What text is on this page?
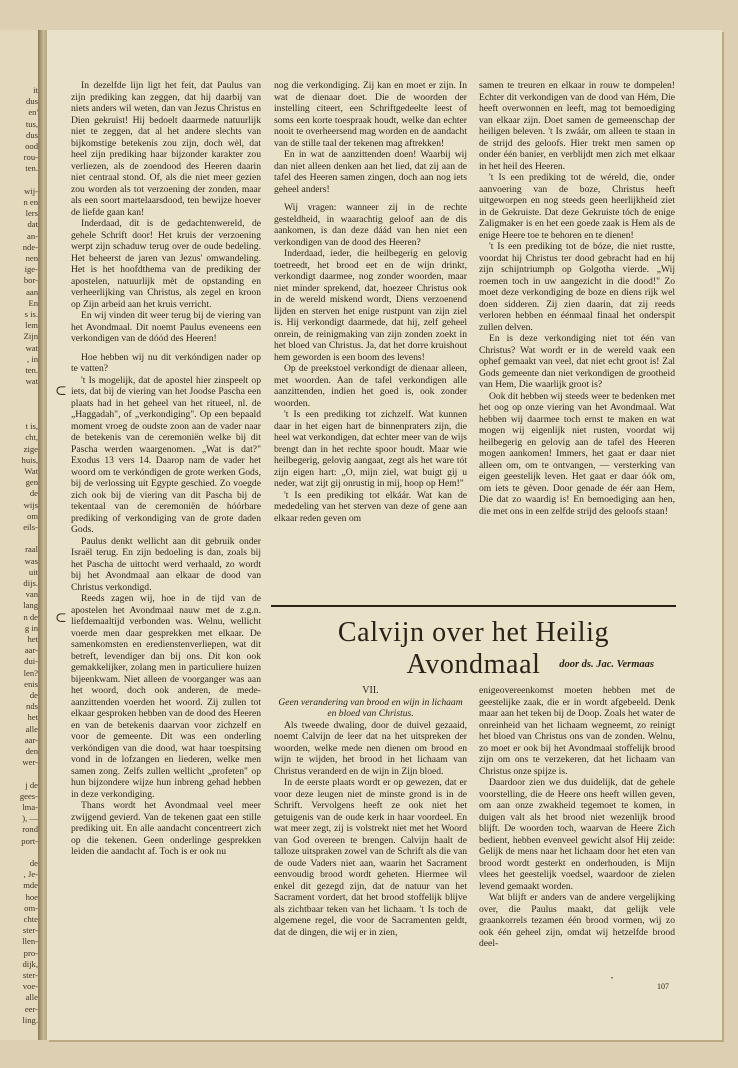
it
dus
en'
tus,
dus
ood
rou-
ten.

wij-
n en
lers
dat
an-
nde-
nen
ige-
bor-
aan
En
s is.
lem
Zijn
wat
, in
ten.
wat

t is,
cht,
zige
huis,
Wat
gen
de
wijs
om
eils-

raal
was
uit
dijs.
van
lang
n de
g in
het
aar-
dui-
len?
enis
de
nds
het
alle
aar-
den
wer-

j de
gees-
lma-
), —
rond
port-

de
, Je-
mde
hoe
om-
chte
ster-
llen-
pro-
dijk,
ster-
voe-
alle
eer-
ling.
⊂
⊂

In dezelfde lijn ligt het feit, dat Paulus van zijn prediking kan zeggen, dat hij daarbij van niets anders wil weten, dan van Jezus Christus en Dien gekruist! Hij bedoelt daarmede natuurlijk niet te zeggen, dat al het andere slechts van bijkomstige betekenis zou zijn, doch wèl, dat heel zijn prediking haar bijzonder karakter zou verliezen, als de zoendood des Heeren daarin niet centraal stond. Of, als die niet meer gezien zou worden als tot verzoening der zonden, maar als een soort martelaarsdood, ten bewijze hoever de liefde gaan kan!

Inderdaad, dit is de gedachtenwereld, de gehele Schrift door! Het kruis der verzoening werpt zijn schaduw terug over de oude bedeling. Het beheerst de jaren van Jezus' omwandeling. Het is het hoofdthema van de prediking der apostelen, natuurlijk mèt de opstanding en verheerlijking van Christus, als zegel en kroon op Zijn arbeid aan het kruis verricht.

En wij vinden dit weer terug bij de viering van het Avondmaal. Dit noemt Paulus eveneens een verkondigen van de dóód des Heeren!

Hoe hebben wij nu dit verkóndigen nader op te vatten?

't Is mogelijk, dat de apostel hier zinspeelt op iets, dat bij de viering van het Joodse Pascha een plaats had in het geheel van het ritueel, nl. de „Haggadah", of „verkondiging". Op een bepaald moment vroeg de oudste zoon aan de vader naar de betekenis van de ceremoniën welke bij dit Pascha werden waargenomen. „Wat is dat?" Exodus 13 vers 14. Daarop nam de vader het woord om te verkóndigen de grote werken Gods, bij de verlossing uit Egypte geschied. Zo voegde zich ook bij de viering van dit Pascha bij de tekentaal van de ceremoniën de hóórbare prediking of verkondiging van de grote daden Gods.

Paulus denkt wellicht aan dit gebruik onder Israël terug. En zijn bedoeling is dan, zoals bij het Pascha de uittocht werd verhaald, zo wordt bij het Avondmaal aan elkaar de dood van Christus verkondigd.

Reeds zagen wij, hoe in de tijd van de apostelen het Avondmaal nauw met de z.g.n. liefdemaaltijd verbonden was. Welnu, wellicht voerde men daar gesprekken met elkaar. De samenkomsten en eredienstenverliepen, wat dit betreft, levendiger dan bij ons. Dit kon ook gemakkelijker, zolang men in particuliere huizen bijeenkwam. Niet alleen de voorganger was aan het woord, doch ook anderen, de mede-aanzittenden voerden het woord. Zij zullen tot elkaar gesproken hebben van de dood des Heeren en van de betekenis daarvan voor zichzelf en voor de gemeente. Dit was een onderling verkóndigen van die dood, wat haar toespitsing vond in de lofzangen en liederen, welke men samen zong. Zelfs zullen wellicht „profeten" op hun bijzondere wijze hun inbreng gehad hebben in deze verkondiging.

Thans wordt het Avondmaal veel meer zwijgend gevierd. Van de tekenen gaat een stille prediking uit. En alle aandacht concentreert zich op die tekenen. Geen onderlinge gesprekken leiden die aandacht af. Toch is er ook nu

nog die verkondiging. Zij kan en moet er zijn. In wat de dienaar doet. Die de woorden der instelling citeert, een Schriftgedeelte leest of soms een korte toespraak houdt, welke dan echter nooit te overheersend mag worden en de aandacht van de stille taal der tekenen mag aftrekken!

En in wat de aanzittenden doen! Waarbij wij dan niet alleen denken aan het lied, dat zij aan de tafel des Heeren samen zingen, doch aan nog iets geheel anders!

Wij vragen: wanneer zij in de rechte gesteldheid, in waarachtig geloof aan de dis aankomen, is dan deze dáád van hen niet een verkondigen van de dood des Heeren?

Inderdaad, ieder, die heilbegerig en gelovig toetreedt, het brood eet en de wijn drinkt, verkondigt daarmee, nog zonder woorden, maar niet minder sprekend, dat, hoezeer Christus ook in de wereld miskend wordt, Diens verzoenend lijden en sterven het enige rustpunt van zijn ziel is. Hij verkondigt daarmede, dat hij, zelf geheel onrein, de reinigmaking van zijn zonden zoekt in het bloed van Christus. Ja, dat het dorre kruishout hem geworden is een boom des levens!

Op de preekstoel verkondigt de dienaar alleen, met woorden. Aan de tafel verkondigen alle aanzittenden, indien het goed is, ook zonder woorden.

't Is een prediking tot zichzelf. Wat kunnen daar in het eigen hart de binnenpraters zijn, die heel wat verkondigen, dat echter meer van de wijs brengt dan in het rechte spoor houdt. Maar wie heilbegerig, gelovig aangaat, zegt als het ware tót zijn eigen hart: „O, mijn ziel, wat buigt gij u neder, wat zijt gij onrustig in mij, hoop op Hem!"

't Is een prediking tot elkáár. Wat kan de mededeling van het sterven van deze of gene aan elkaar reden geven om

samen te treuren en elkaar in rouw te dompelen! Echter dit verkondigen van de dood van Hém, Die heeft overwonnen en leeft, mag tot bemoediging van elkaar zijn. Doet samen de gemeenschap der heiligen beleven. 't Is zwáár, om alleen te staan in de strijd des geloofs. Hier trekt men samen op onder één banier, en verblijdt men zich met elkaar in het heil des Heeren.

't Is een prediking tot de wéreld, die, onder aanvoering van de boze, Christus heeft uitgeworpen en nog steeds geen heerlijkheid ziet in de Gekruiste. Dat deze Gekruiste tóch de enige Zaligmaker is en het een goede zaak is Hem als de enige Heere toe te behoren en te dienen!

't Is een prediking tot de bóze, die niet rustte, voordat hij Christus ter dood gebracht had en hij zijn schijntriumph op Golgotha vierde. „Wij roemen toch in uw aangezicht in die dood!" Zo moet deze verkondiging de boze en diens rijk wel doen sidderen. Zij zien daarin, dat zij reeds verloren hebben en éénmaal finaal het onderspit zullen delven.

En is deze verkondiging niet tot één van Christus? Wat wordt er in de wereld vaak een ophef gemaakt van veel, dat niet echt groot is! Zal Gods gemeente dan niet verkondigen de grootheid van Hem, Die waarlijk groot is?

Ook dit hebben wij steeds weer te bedenken met het oog op onze viering van het Avondmaal. Wat hebben wij daarmee toch ernst te maken en wat mogen wij eigenlijk niet rusten, voordat wij heilbegerig en gelovig aan de tafel des Heeren mogen aankomen! Immers, het gaat er daar niet alleen om, om te ontvangen, — versterking van eigen geestelijk leven. Het gaat er daar óók om, om iets te gèven. Door genade de éér aan Hem, Die dat zo waardig is! En bemoediging aan hen, die met ons in een zelfde strijd des geloofs staan!

Calvijn over het Heilig Avondmaal	door ds. Jac. Vermaas

VII.

Geen verandering van brood en wijn in lichaam en bloed van Christus.

Als tweede dwaling, door de duivel gezaaid, noemt Calvijn de leer dat na het uitspreken der woorden, welke mede nen dienen om brood en wijn te wijden, het brood in het lichaam van Christus veranderd en de wijn in Zijn bloed.

In de eerste plaats wordt er op gewezen, dat er voor deze leugen niet de minste grond is in de Schrift. Vervolgens heeft ze ook niet het getuigenis van de oude kerk in haar voordeel. En wat meer zegt, zij is volstrekt niet met het Woord van God overeen te brengen. Calvijn haalt de talloze uitspraken zowel van de Schrift als die van de oude Vaders niet aan, waarin het Sacrament eenvoudig brood wordt geheten. Hiermee wil enkel dit gezegd zijn, dat de natuur van het Sacrament vordert, dat het brood stoffelijk blijve als zichtbaar teken van het lichaam. 't Is toch de algemene regel, die voor de Sacramenten geldt, dat de dingen, die wij er in zien,

enigeovereenkomst moeten hebben met de geestelijke zaak, die er in wordt afgebeeld. Denk maar aan het teken bij de Doop. Zoals het water de onreinheid van het lichaam wegneemt, zo reinigt het bloed van Christus ons van de zonden. Welnu, zo moet er ook bij het Avondmaal stoffelijk brood zijn om ons te verzekeren, dat het lichaam van Christus onze spijze is.

Daardoor zien we dus duidelijk, dat de gehele voorstelling, die de Heere ons heeft willen geven, om aan onze zwakheid tegemoet te komen, in duigen valt als het brood niet wezenlijk brood blijft. De woorden toch, waarvan de Heere Zich bedient, hebben evenveel gewicht alsof Hij zeide: Gelijk de mens naar het lichaam door het eten van brood wordt gesterkt en onderhouden, is Mijn vlees het geestelijk voedsel, waardoor de zielen levend gemaakt worden.

Wat blijft er anders van de andere vergelijking over, die Paulus maakt, dat gelijk vele graankorrels tezamen één brood vormen, wij zo ook één geheel zijn, omdat wij hetzelfde brood deel-

•
107
